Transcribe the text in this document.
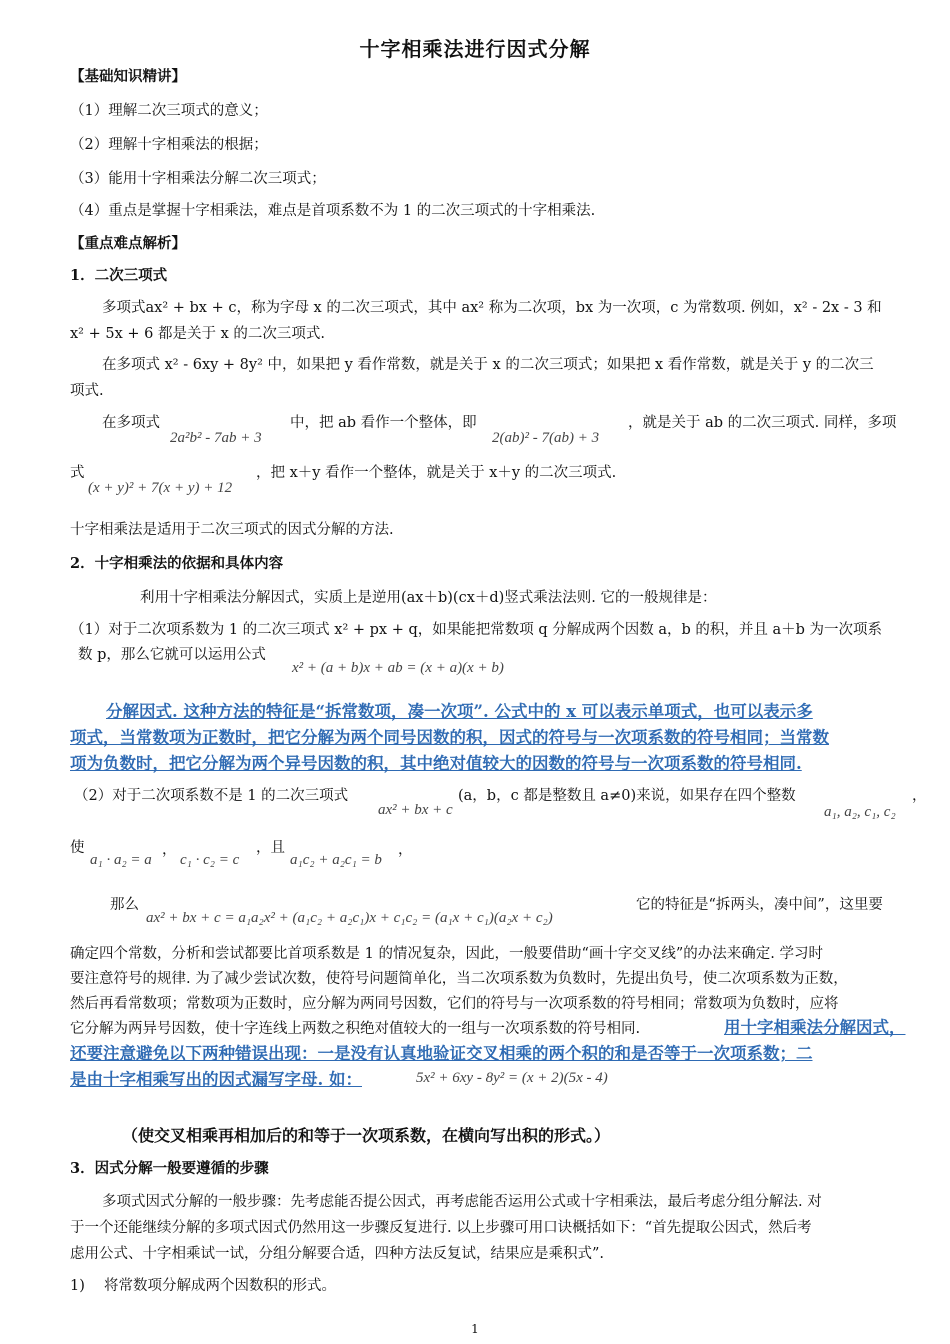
十字相乘法进行因式分解
【基础知识精讲】
（1）理解二次三项式的意义；
（2）理解十字相乘法的根据；
（3）能用十字相乘法分解二次三项式；
（4）重点是掌握十字相乘法，难点是首项系数不为 1 的二次三项式的十字相乘法.
【重点难点解析】
1．二次三项式
多项式ax² + bx + c，称为字母 x 的二次三项式，其中 ax² 称为二次项，bx 为一次项，c 为常数项. 例如，x² - 2x - 3 和
x² + 5x + 6 都是关于 x 的二次三项式.
在多项式 x² - 6xy + 8y² 中，如果把 y 看作常数，就是关于 x 的二次三项式；如果把 x 看作常数，就是关于 y 的二次三
项式.
在多项式
2a²b² - 7ab + 3
中，把 ab 看作一个整体，即
2(ab)² - 7(ab) + 3
，就是关于 ab 的二次三项式. 同样，多项
式
(x + y)² + 7(x + y) + 12
，把 x＋y 看作一个整体，就是关于 x＋y 的二次三项式.
十字相乘法是适用于二次三项式的因式分解的方法.
2．十字相乘法的依据和具体内容
利用十字相乘法分解因式，实质上是逆用(ax＋b)(cx＋d)竖式乘法法则. 它的一般规律是：
（1）对于二次项系数为 1 的二次三项式 x² + px + q，如果能把常数项 q 分解成两个因数 a，b 的积，并且 a＋b 为一次项系
数 p，那么它就可以运用公式
x² + (a + b)x + ab = (x + a)(x + b)
分解因式. 这种方法的特征是“拆常数项，凑一次项”. 公式中的 x 可以表示单项式，也可以表示多
项式，当常数项为正数时，把它分解为两个同号因数的积，因式的符号与一次项系数的符号相同；当常数
项为负数时，把它分解为两个异号因数的积，其中绝对值较大的因数的符号与一次项系数的符号相同.
（2）对于二次项系数不是 1 的二次三项式
ax² + bx + c
(a，b，c 都是整数且 a≠0)来说，如果存在四个整数
a₁, a₂, c₁, c₂
，
使
a₁ · a₂ = a
，
c₁ · c₂ = c
，且
a₁c₂ + a₂c₁ = b
，
那么
ax² + bx + c = a₁a₂x² + (a₁c₂ + a₂c₁)x + c₁c₂ = (a₁x + c₁)(a₂x + c₂)
它的特征是“拆两头，凑中间”，这里要
确定四个常数，分析和尝试都要比首项系数是 1 的情况复杂，因此，一般要借助“画十字交叉线”的办法来确定. 学习时
要注意符号的规律. 为了减少尝试次数，使符号问题简单化，当二次项系数为负数时，先提出负号，使二次项系数为正数，
然后再看常数项；常数项为正数时，应分解为两同号因数，它们的符号与一次项系数的符号相同；常数项为负数时，应将
它分解为两异号因数，使十字连线上两数之积绝对值较大的一组与一次项系数的符号相同.	用十字相乘法分解因式，
还要注意避免以下两种错误出现：一是没有认真地验证交叉相乘的两个积的和是否等于一次项系数；二
是由十字相乘写出的因式漏写字母. 如：	5x² + 6xy - 8y² = (x + 2)(5x - 4)
（使交叉相乘再相加后的和等于一次项系数，在横向写出积的形式。）
3．因式分解一般要遵循的步骤
多项式因式分解的一般步骤：先考虑能否提公因式，再考虑能否运用公式或十字相乘法，最后考虑分组分解法. 对
于一个还能继续分解的多项式因式仍然用这一步骤反复进行. 以上步骤可用口诀概括如下：“首先提取公因式，然后考
虑用公式、十字相乘试一试，分组分解要合适，四种方法反复试，结果应是乘积式”.
1)　 将常数项分解成两个因数积的形式。
1
